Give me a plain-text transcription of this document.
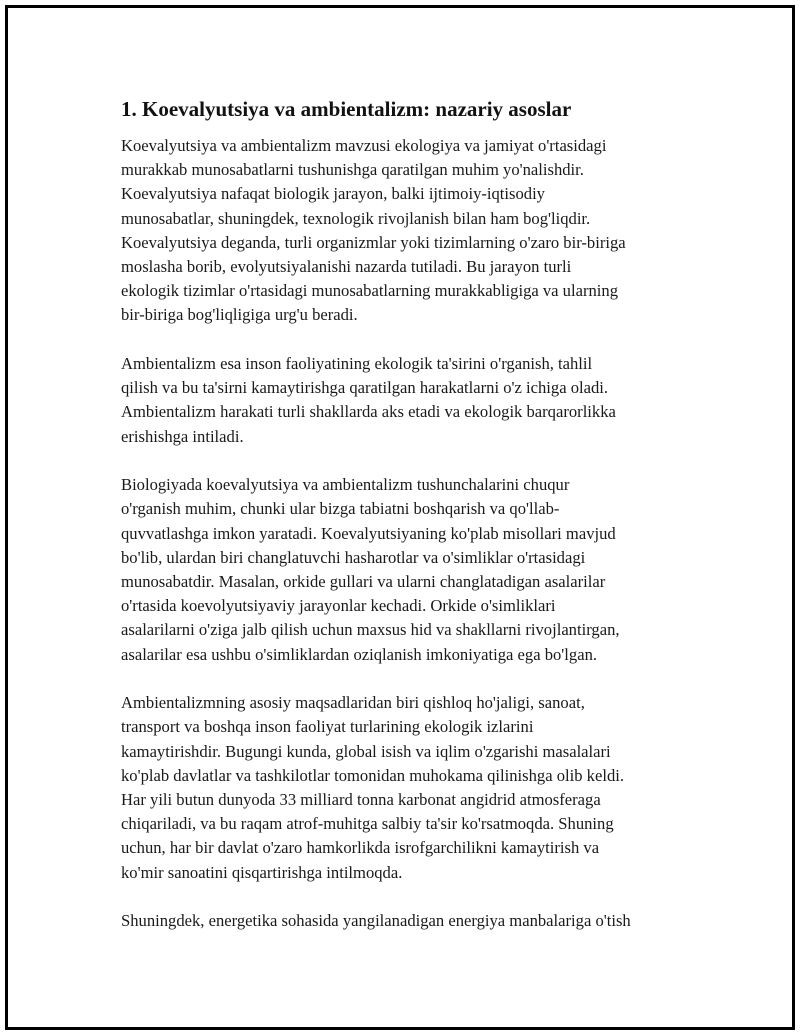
1. Koevalyutsiya va ambientalizm: nazariy asoslar

Koevalyutsiya va ambientalizm mavzusi ekologiya va jamiyat o'rtasidagi
murakkab munosabatlarni tushunishga qaratilgan muhim yo'nalishdir.
Koevalyutsiya nafaqat biologik jarayon, balki ijtimoiy-iqtisodiy
munosabatlar, shuningdek, texnologik rivojlanish bilan ham bog'liqdir.
Koevalyutsiya deganda, turli organizmlar yoki tizimlarning o'zaro bir-biriga
moslasha borib, evolyutsiyalanishi nazarda tutiladi. Bu jarayon turli
ekologik tizimlar o'rtasidagi munosabatlarning murakkabligiga va ularning
bir-biriga bog'liqligiga urg'u beradi.

Ambientalizm esa inson faoliyatining ekologik ta'sirini o'rganish, tahlil
qilish va bu ta'sirni kamaytirishga qaratilgan harakatlarni o'z ichiga oladi.
Ambientalizm harakati turli shakllarda aks etadi va ekologik barqarorlikka
erishishga intiladi.

Biologiyada koevalyutsiya va ambientalizm tushunchalarini chuqur
o'rganish muhim, chunki ular bizga tabiatni boshqarish va qo'llab-
quvvatlashga imkon yaratadi. Koevalyutsiyaning ko'plab misollari mavjud
bo'lib, ulardan biri changlatuvchi hasharotlar va o'simliklar o'rtasidagi
munosabatdir. Masalan, orkide gullari va ularni changlatadigan asalarilar
o'rtasida koevolyutsiyaviy jarayonlar kechadi. Orkide o'simliklari
asalarilarni o'ziga jalb qilish uchun maxsus hid va shakllarni rivojlantirgan,
asalarilar esa ushbu o'simliklardan oziqlanish imkoniyatiga ega bo'lgan.

Ambientalizmning asosiy maqsadlaridan biri qishloq ho'jaligi, sanoat,
transport va boshqa inson faoliyat turlarining ekologik izlarini
kamaytirishdir. Bugungi kunda, global isish va iqlim o'zgarishi masalalari
ko'plab davlatlar va tashkilotlar tomonidan muhokama qilinishga olib keldi.
Har yili butun dunyoda 33 milliard tonna karbonat angidrid atmosferaga
chiqariladi, va bu raqam atrof-muhitga salbiy ta'sir ko'rsatmoqda. Shuning
uchun, har bir davlat o'zaro hamkorlikda isrofgarchilikni kamaytirish va
ko'mir sanoatini qisqartirishga intilmoqda.

Shuningdek, energetika sohasida yangilanadigan energiya manbalariga o'tish
